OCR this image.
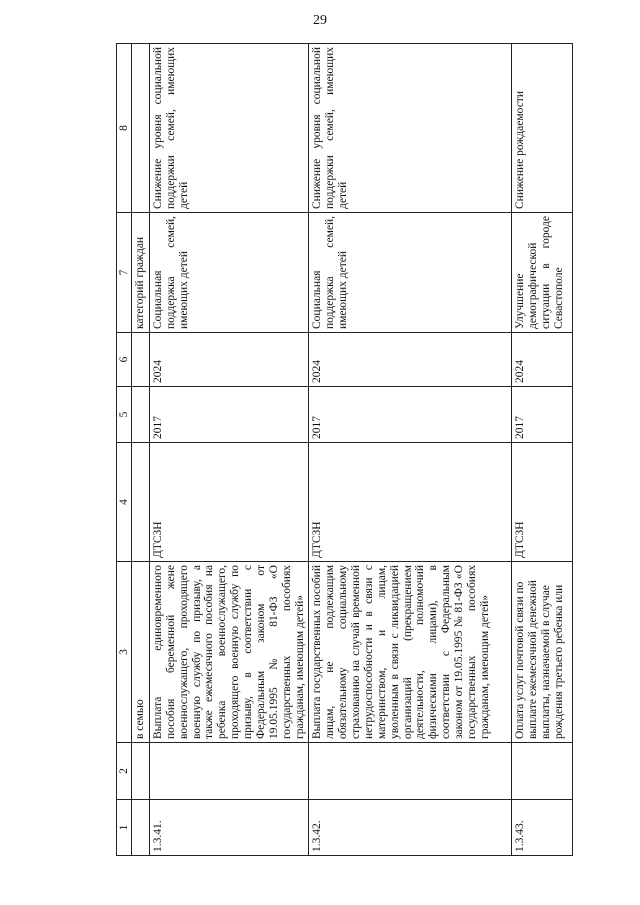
29
1	2	3	4	5	6	7	8
		в семью				категорий граждан	
1.3.41.		Выплата единовременного пособия беременной жене военнослужащего, проходящего военную службу по призыву, а также ежемесячного пособия на ребенка военнослужащего, проходящего военную службу по призыву, в соответствии с Федеральным законом от 19.05.1995 № 81-ФЗ «О государственных пособиях гражданам, имеющим детей»	ДТСЗН	2017	2024	Социальная поддержка семей, имеющих детей	Снижение уровня социальной поддержки семей, имеющих детей
1.3.42.		Выплата государственных пособий лицам, не подлежащим обязательному социальному страхованию на случай временной нетрудоспособности и в связи с материнством, и лицам, уволенным в связи с ликвидацией организаций (прекращением деятельности, полномочий физическими лицами), в соответствии с Федеральным законом от 19.05.1995 № 81-ФЗ «О государственных пособиях гражданам, имеющим детей»	ДТСЗН	2017	2024	Социальная поддержка семей, имеющих детей	Снижение уровня социальной поддержки семей, имеющих детей
1.3.43.		Оплата услуг почтовой связи по выплате ежемесячной денежной выплаты, назначаемой в случае рождения третьего ребенка или	ДТСЗН	2017	2024	Улучшение демографической ситуации в городе Севастополе	Снижение рождаемости
